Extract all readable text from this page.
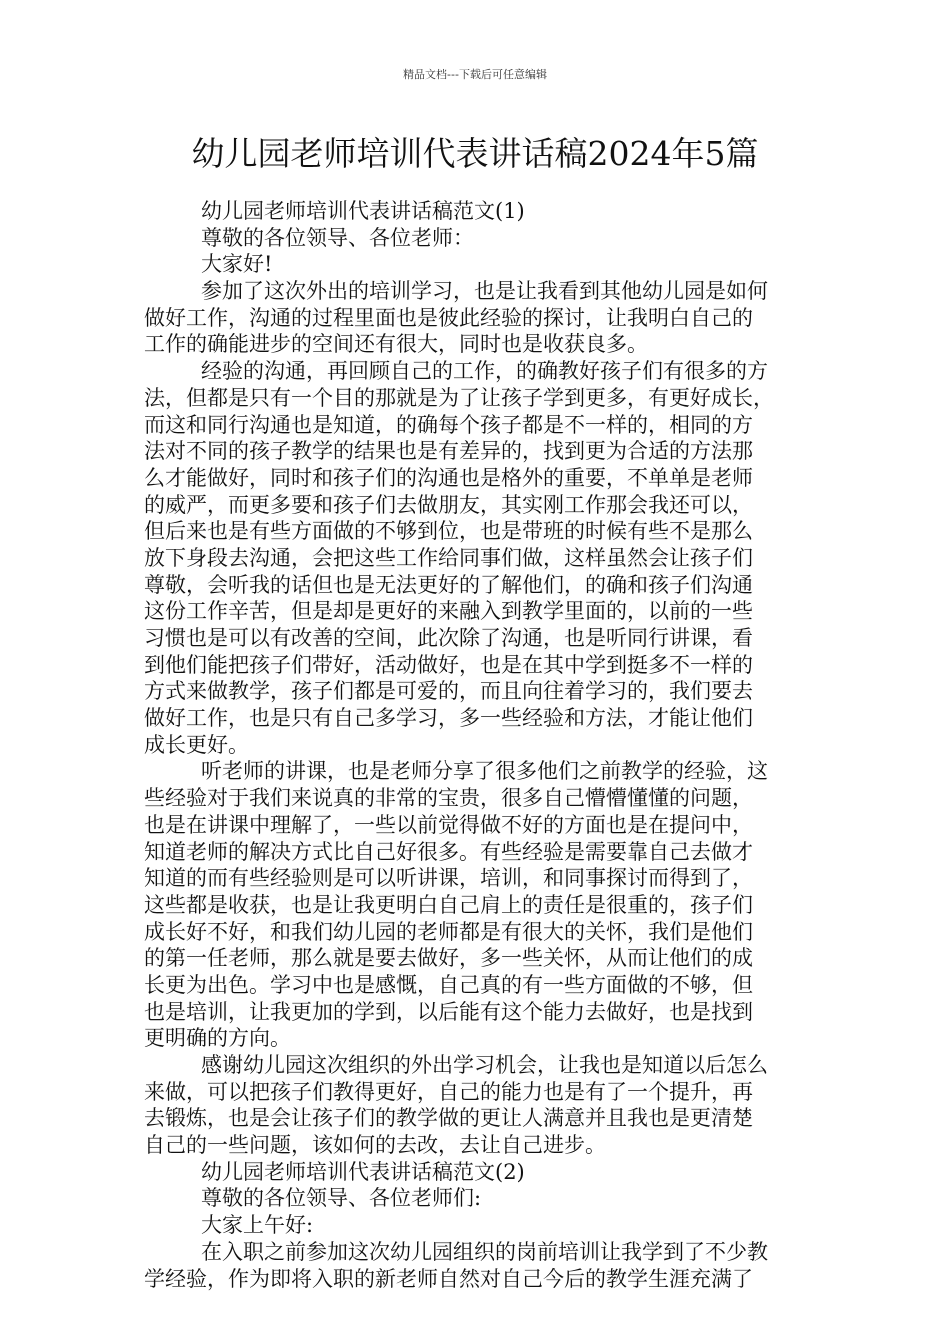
精品文档---下载后可任意编辑
幼儿园老师培训代表讲话稿2024年5篇
幼儿园老师培训代表讲话稿范文(1)
尊敬的各位领导、各位老师：
大家好!
参加了这次外出的培训学习，也是让我看到其他幼儿园是如何
做好工作，沟通的过程里面也是彼此经验的探讨，让我明白自己的
工作的确能进步的空间还有很大，同时也是收获良多。
经验的沟通，再回顾自己的工作，的确教好孩子们有很多的方
法，但都是只有一个目的那就是为了让孩子学到更多，有更好成长，
而这和同行沟通也是知道，的确每个孩子都是不一样的，相同的方
法对不同的孩子教学的结果也是有差异的，找到更为合适的方法那
么才能做好，同时和孩子们的沟通也是格外的重要，不单单是老师
的威严，而更多要和孩子们去做朋友，其实刚工作那会我还可以，
但后来也是有些方面做的不够到位，也是带班的时候有些不是那么
放下身段去沟通，会把这些工作给同事们做，这样虽然会让孩子们
尊敬，会听我的话但也是无法更好的了解他们，的确和孩子们沟通
这份工作辛苦，但是却是更好的来融入到教学里面的，以前的一些
习惯也是可以有改善的空间，此次除了沟通，也是听同行讲课，看
到他们能把孩子们带好，活动做好，也是在其中学到挺多不一样的
方式来做教学，孩子们都是可爱的，而且向往着学习的，我们要去
做好工作，也是只有自己多学习，多一些经验和方法，才能让他们
成长更好。
听老师的讲课，也是老师分享了很多他们之前教学的经验，这
些经验对于我们来说真的非常的宝贵，很多自己懵懵懂懂的问题，
也是在讲课中理解了，一些以前觉得做不好的方面也是在提问中，
知道老师的解决方式比自己好很多。有些经验是需要靠自己去做才
知道的而有些经验则是可以听讲课，培训，和同事探讨而得到了，
这些都是收获，也是让我更明白自己肩上的责任是很重的，孩子们
成长好不好，和我们幼儿园的老师都是有很大的关怀，我们是他们
的第一任老师，那么就是要去做好，多一些关怀，从而让他们的成
长更为出色。学习中也是感慨，自己真的有一些方面做的不够，但
也是培训，让我更加的学到，以后能有这个能力去做好，也是找到
更明确的方向。
感谢幼儿园这次组织的外出学习机会，让我也是知道以后怎么
来做，可以把孩子们教得更好，自己的能力也是有了一个提升，再
去锻炼，也是会让孩子们的教学做的更让人满意并且我也是更清楚
自己的一些问题，该如何的去改，去让自己进步。
幼儿园老师培训代表讲话稿范文(2)
尊敬的各位领导、各位老师们:
大家上午好:
在入职之前参加这次幼儿园组织的岗前培训让我学到了不少教
学经验，作为即将入职的新老师自然对自己今后的教学生涯充满了
